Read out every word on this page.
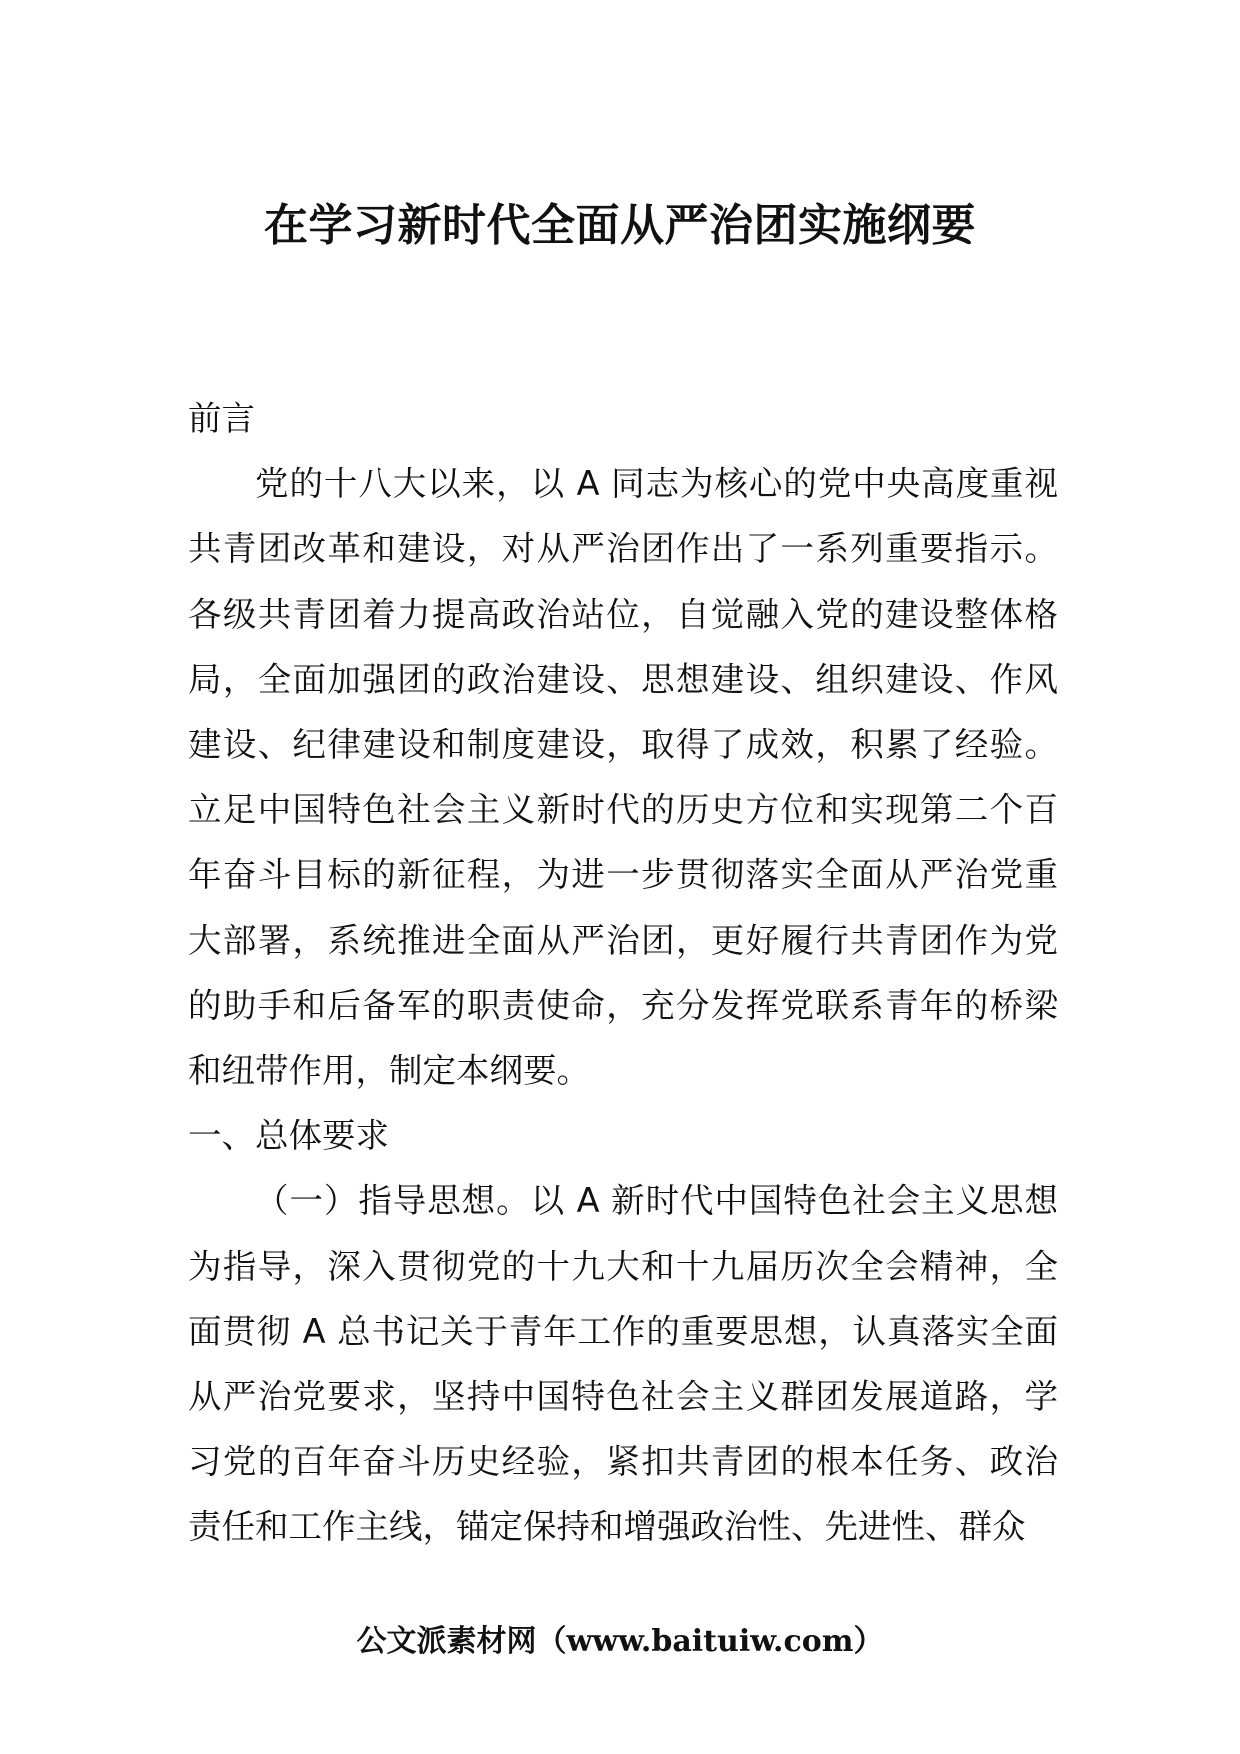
在学习新时代全面从严治团实施纲要

前言

党的十八大以来，以 A 同志为核心的党中央高度重视共青团改革和建设，对从严治团作出了一系列重要指示。各级共青团着力提高政治站位，自觉融入党的建设整体格局，全面加强团的政治建设、思想建设、组织建设、作风建设、纪律建设和制度建设，取得了成效，积累了经验。立足中国特色社会主义新时代的历史方位和实现第二个百年奋斗目标的新征程，为进一步贯彻落实全面从严治党重大部署，系统推进全面从严治团，更好履行共青团作为党的助手和后备军的职责使命，充分发挥党联系青年的桥梁和纽带作用，制定本纲要。

一、总体要求

（一）指导思想。以 A 新时代中国特色社会主义思想为指导，深入贯彻党的十九大和十九届历次全会精神，全面贯彻 A 总书记关于青年工作的重要思想，认真落实全面从严治党要求，坚持中国特色社会主义群团发展道路，学习党的百年奋斗历史经验，紧扣共青团的根本任务、政治责任和工作主线，锚定保持和增强政治性、先进性、群众

公文派素材网（www.baituiw.com）
